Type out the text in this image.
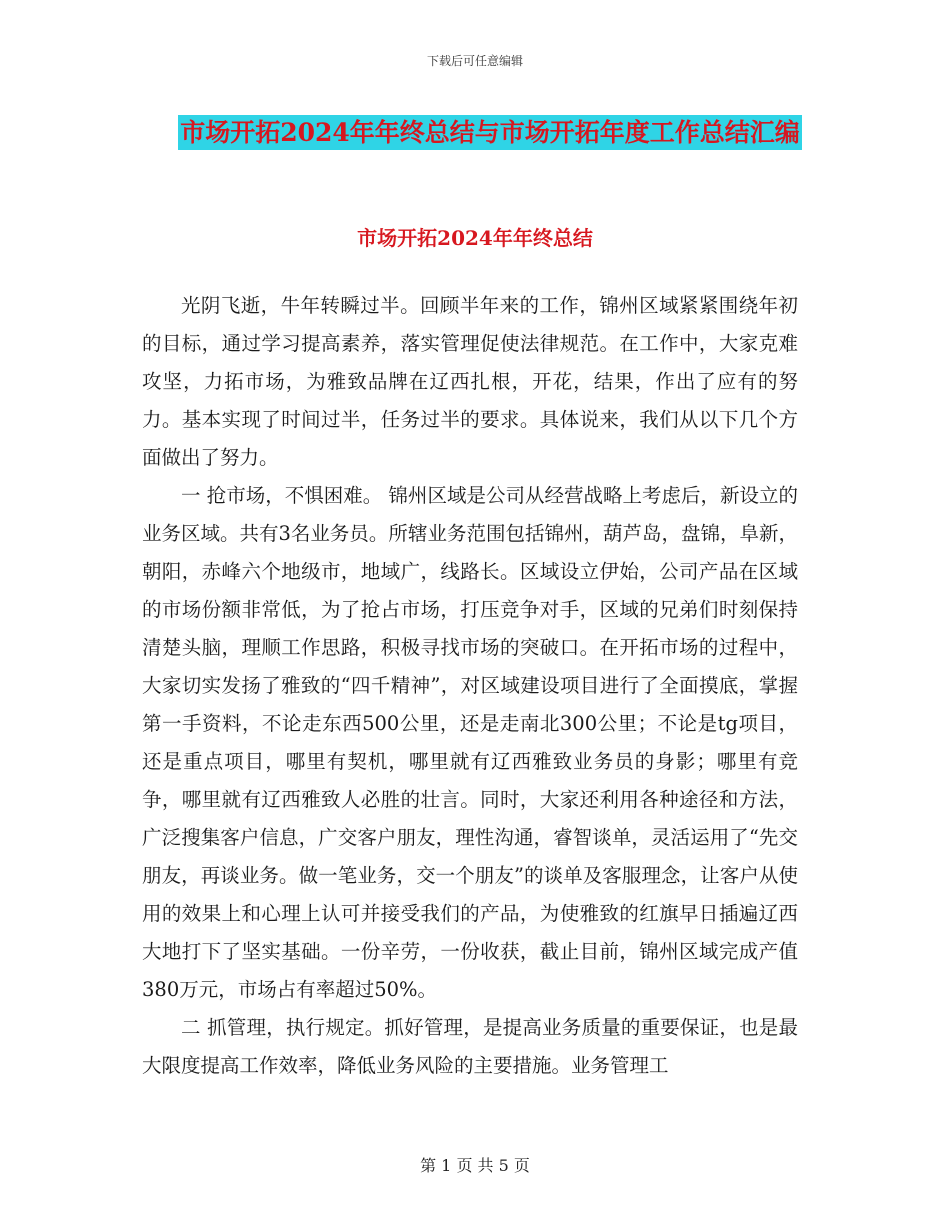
下载后可任意编辑
市场开拓2024年年终总结与市场开拓年度工作总结汇编
市场开拓2024年年终总结

光阴飞逝，牛年转瞬过半。回顾半年来的工作，锦州区域紧紧围绕年初的目标，通过学习提高素养，落实管理促使法律规范。在工作中，大家克难攻坚，力拓市场，为雅致品牌在辽西扎根，开花，结果，作出了应有的努力。基本实现了时间过半，任务过半的要求。具体说来，我们从以下几个方面做出了努力。

一 抢市场，不惧困难。 锦州区域是公司从经营战略上考虑后，新设立的业务区域。共有3名业务员。所辖业务范围包括锦州，葫芦岛，盘锦，阜新，朝阳，赤峰六个地级市，地域广，线路长。区域设立伊始，公司产品在区域的市场份额非常低，为了抢占市场，打压竞争对手，区域的兄弟们时刻保持清楚头脑，理顺工作思路，积极寻找市场的突破口。在开拓市场的过程中，大家切实发扬了雅致的“四千精神”，对区域建设项目进行了全面摸底，掌握第一手资料，不论走东西500公里，还是走南北300公里；不论是tg项目，还是重点项目，哪里有契机，哪里就有辽西雅致业务员的身影；哪里有竞争，哪里就有辽西雅致人必胜的壮言。同时，大家还利用各种途径和方法，广泛搜集客户信息，广交客户朋友，理性沟通，睿智谈单，灵活运用了“先交朋友，再谈业务。做一笔业务，交一个朋友”的谈单及客服理念，让客户从使用的效果上和心理上认可并接受我们的产品，为使雅致的红旗早日插遍辽西大地打下了坚实基础。一份辛劳，一份收获，截止目前，锦州区域完成产值380万元，市场占有率超过50%。

二 抓管理，执行规定。抓好管理，是提高业务质量的重要保证，也是最大限度提高工作效率，降低业务风险的主要措施。业务管理工

第 1 页 共 5 页
